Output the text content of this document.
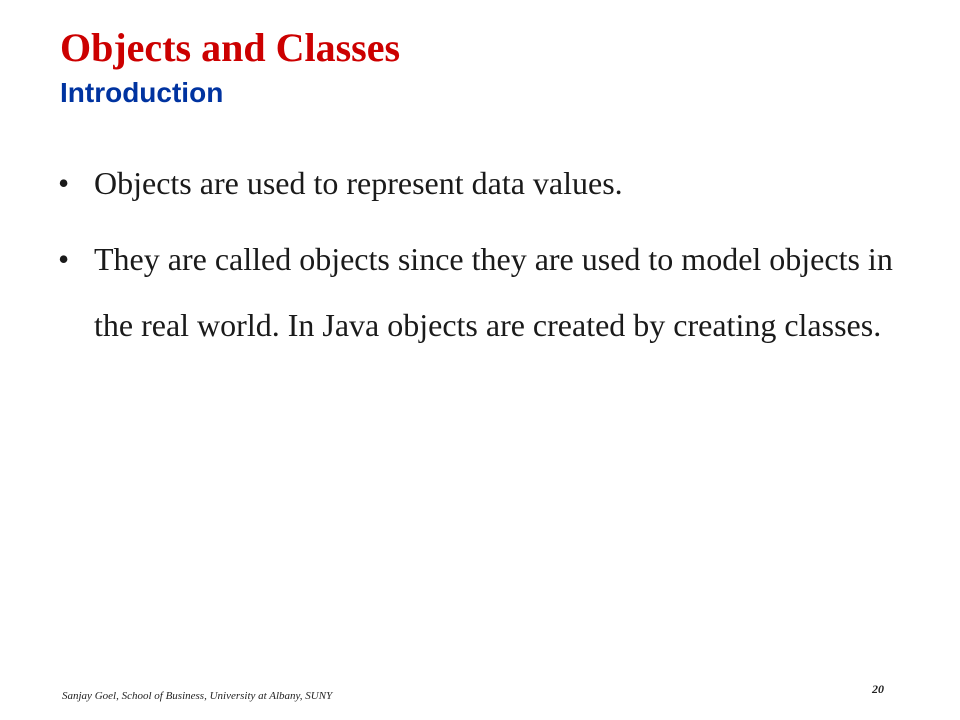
Objects and Classes
Introduction
• Objects are used to represent data values.
• They are called objects since they are used to model objects in the real world. In Java objects are created by creating classes.

Sanjay Goel, School of Business, University at Albany, SUNY	20
